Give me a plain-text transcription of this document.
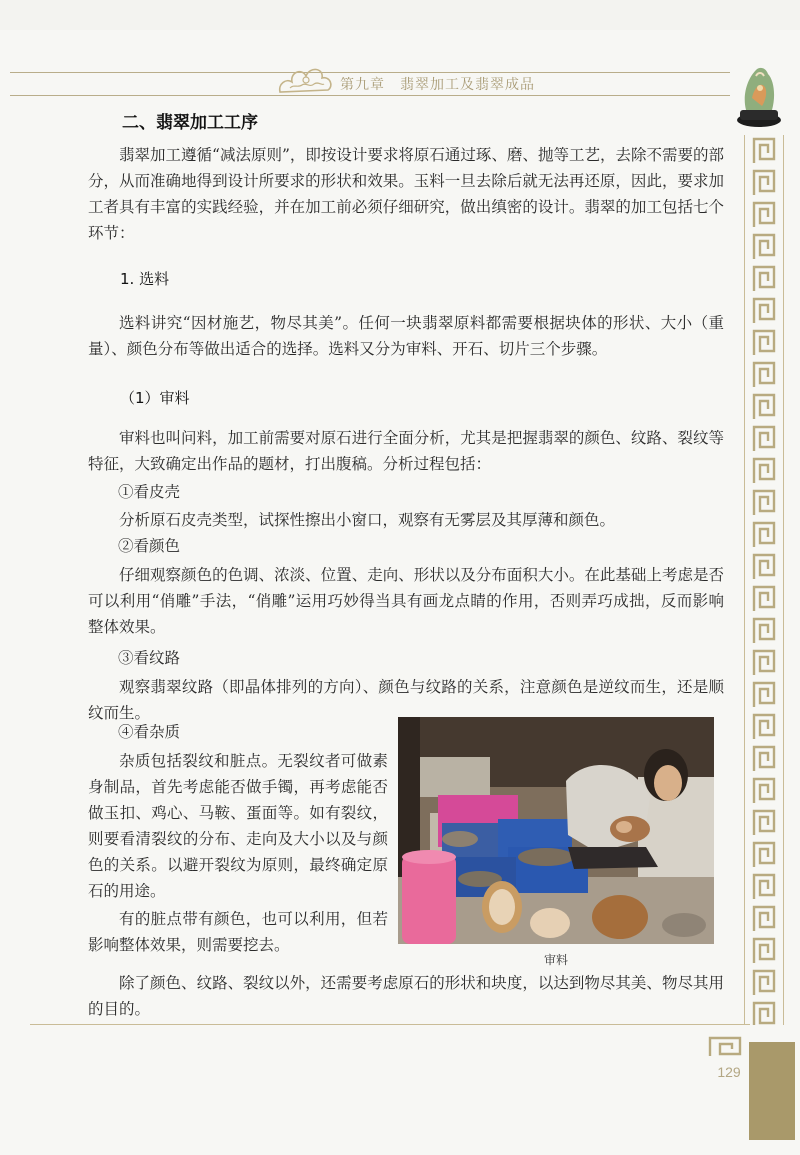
第九章　翡翠加工及翡翠成品
129
二、翡翠加工工序

翡翠加工遵循“减法原则”，即按设计要求将原石通过琢、磨、抛等工艺，去除不需要的部分，从而准确地得到设计所要求的形状和效果。玉料一旦去除后就无法再还原，因此，要求加工者具有丰富的实践经验，并在加工前必须仔细研究，做出缜密的设计。翡翠的加工包括七个环节：

1. 选料

选料讲究“因材施艺，物尽其美”。任何一块翡翠原料都需要根据块体的形状、大小（重量）、颜色分布等做出适合的选择。选料又分为审料、开石、切片三个步骤。

（1）审料

审料也叫问料，加工前需要对原石进行全面分析，尤其是把握翡翠的颜色、纹路、裂纹等特征，大致确定出作品的题材，打出腹稿。分析过程包括：

①看皮壳

分析原石皮壳类型，试探性擦出小窗口，观察有无雾层及其厚薄和颜色。

②看颜色

仔细观察颜色的色调、浓淡、位置、走向、形状以及分布面积大小。在此基础上考虑是否可以利用“俏雕”手法，“俏雕”运用巧妙得当具有画龙点睛的作用，否则弄巧成拙，反而影响整体效果。

③看纹路

观察翡翠纹路（即晶体排列的方向）、颜色与纹路的关系，注意颜色是逆纹而生，还是顺纹而生。

④看杂质

杂质包括裂纹和脏点。无裂纹者可做素身制品，首先考虑能否做手镯，再考虑能否做玉扣、鸡心、马鞍、蛋面等。如有裂纹，则要看清裂纹的分布、走向及大小以及与颜色的关系。以避开裂纹为原则，最终确定原石的用途。

有的脏点带有颜色，也可以利用，但若影响整体效果，则需要挖去。

除了颜色、纹路、裂纹以外，还需要考虑原石的形状和块度，以达到物尽其美、物尽其用的目的。

审料
